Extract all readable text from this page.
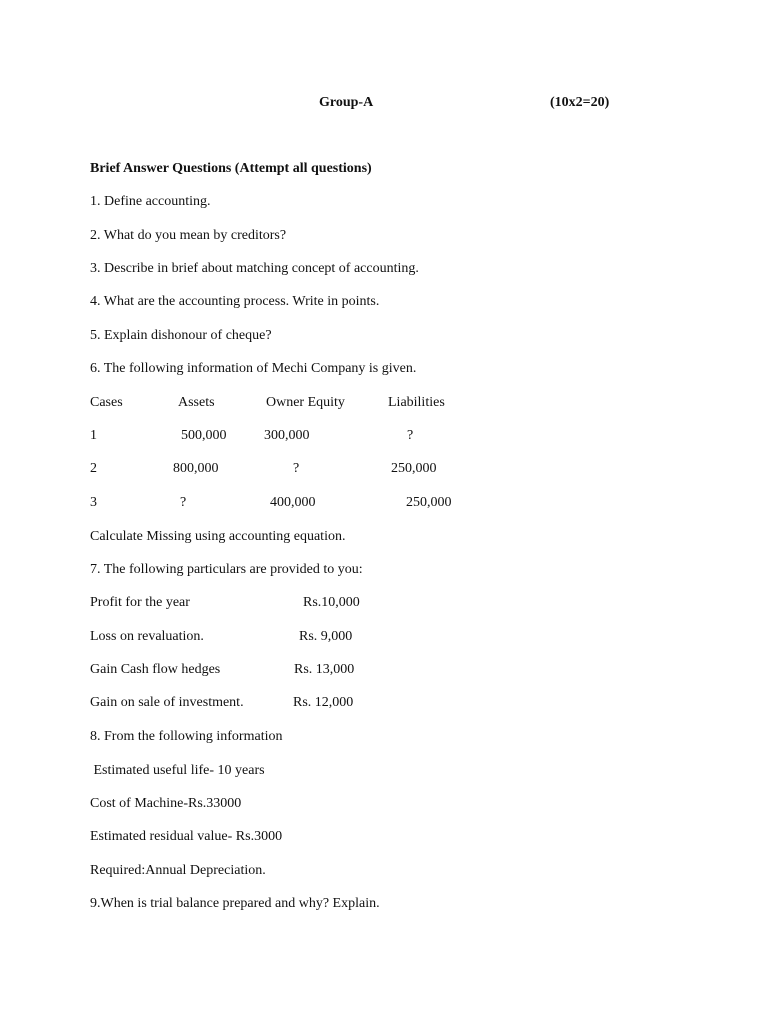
Group-A	(10x2=20)
Brief Answer Questions (Attempt all questions)
1. Define accounting.
2. What do you mean by creditors?
3. Describe in brief about matching concept of accounting.
4. What are the accounting process. Write in points.
5. Explain dishonour of cheque?
6. The following information of Mechi Company is given.
Cases	Assets	Owner Equity	Liabilities
1	500,000	300,000	?
2	800,000	?	250,000
3	?	400,000	250,000
Calculate Missing using accounting equation.
7. The following particulars are provided to you:
Profit for the year	Rs.10,000
Loss on revaluation.	Rs. 9,000
Gain Cash flow hedges	Rs. 13,000
Gain on sale of investment.	Rs. 12,000
8. From the following information
Estimated useful life- 10 years
Cost of Machine-Rs.33000
Estimated residual value- Rs.3000
Required:Annual Depreciation.
9.When is trial balance prepared and why? Explain.
